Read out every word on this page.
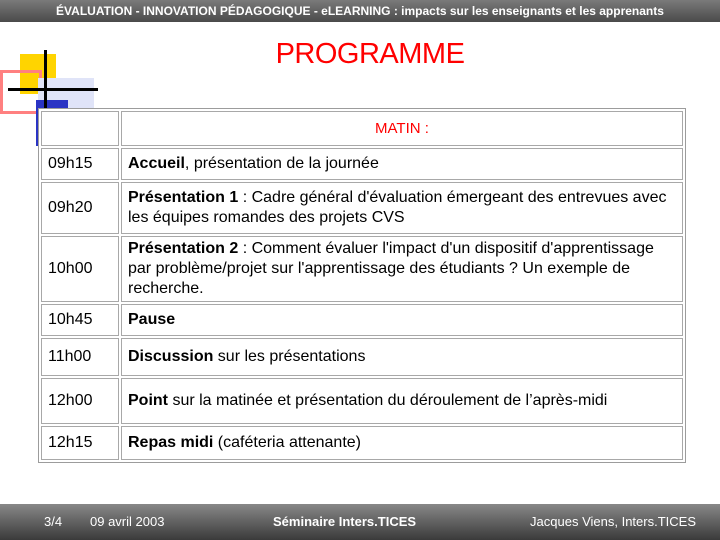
ÉVALUATION - INNOVATION PÉDAGOGIQUE - eLEARNING : impacts sur les enseignants et les apprenants
PROGRAMME
	MATIN :
09h15	Accueil, présentation de la journée
09h20	Présentation 1 : Cadre général d'évaluation émergeant des entrevues avec les équipes romandes des projets CVS
10h00	Présentation 2 : Comment évaluer l'impact d'un dispositif d'apprentissage par problème/projet sur l'apprentissage des étudiants ? Un exemple de recherche.
10h45	Pause
11h00	Discussion sur les présentations
12h00	Point sur la matinée et présentation du déroulement de l’après-midi
12h15	Repas midi (caféteria attenante)
3/4 09 avril 2003	Séminaire Inters.TICES	Jacques Viens, Inters.TICES
